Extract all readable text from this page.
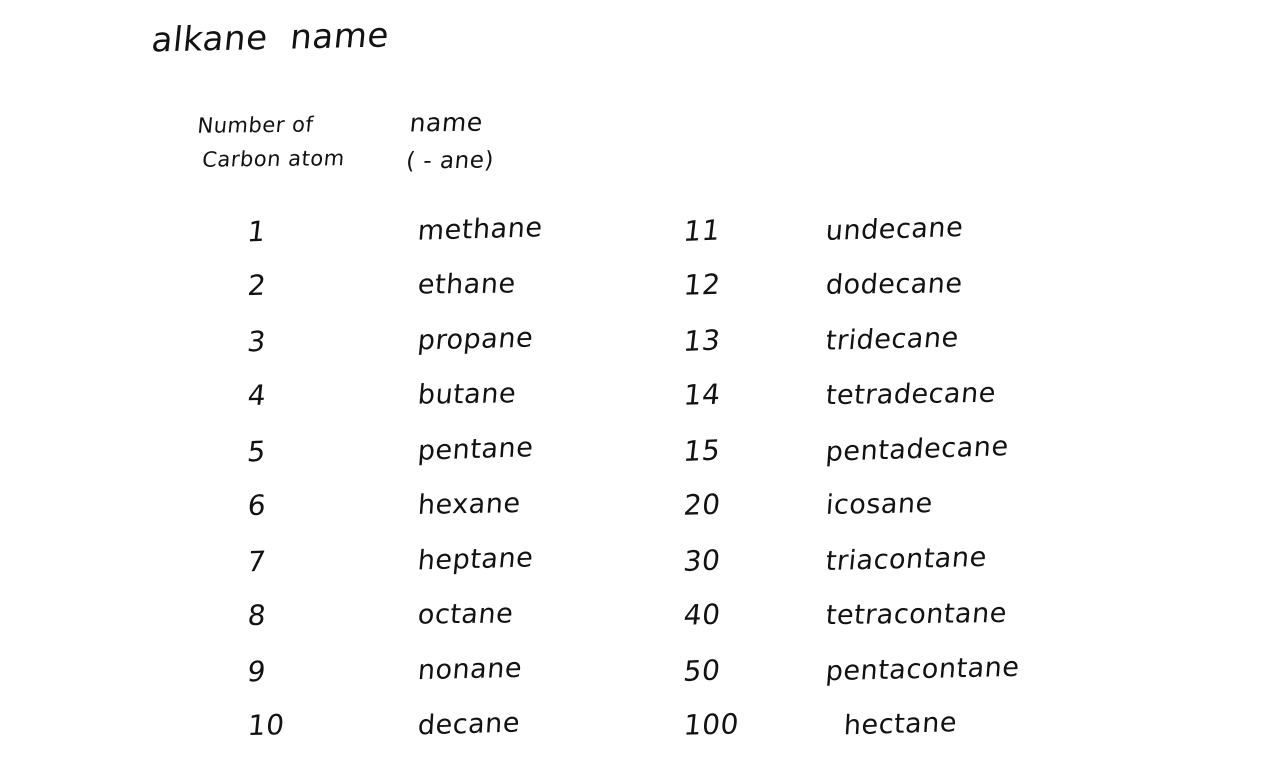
alkane  name
Number of
Carbon atom
name
( - ane)
1	methane
2	ethane
3	propane
4	butane
5	pentane
6	hexane
7	heptane
8	octane
9	nonane
10	decane
11	undecane
12	dodecane
13	tridecane
14	tetradecane
15	pentadecane
20	icosane
30	triacontane
40	tetracontane
50	pentacontane
100	hectane
